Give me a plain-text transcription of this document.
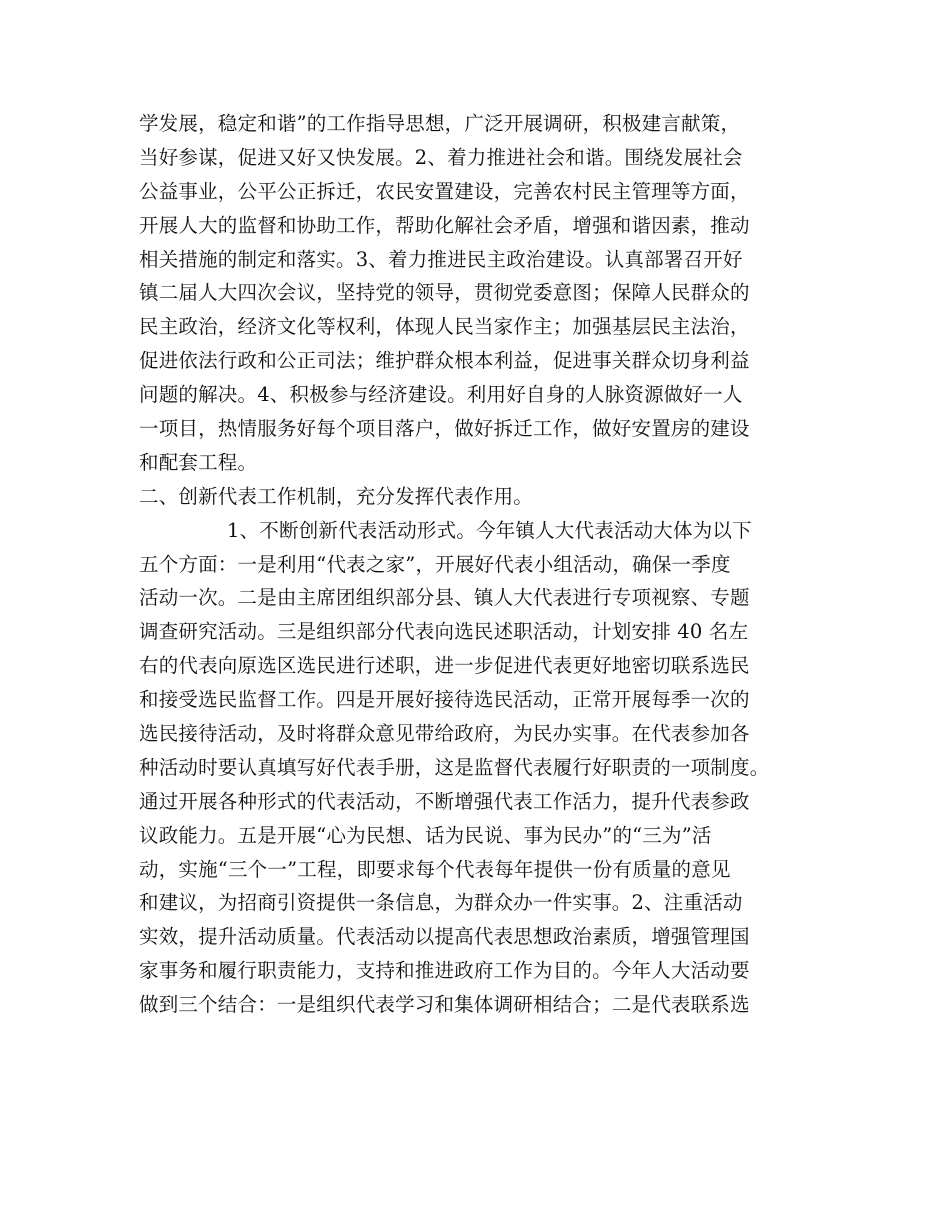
学发展，稳定和谐”的工作指导思想，广泛开展调研，积极建言献策，
当好参谋，促进又好又快发展。2、着力推进社会和谐。围绕发展社会
公益事业，公平公正拆迁，农民安置建设，完善农村民主管理等方面，
开展人大的监督和协助工作，帮助化解社会矛盾，增强和谐因素，推动
相关措施的制定和落实。3、着力推进民主政治建设。认真部署召开好
镇二届人大四次会议，坚持党的领导，贯彻党委意图；保障人民群众的
民主政治，经济文化等权利，体现人民当家作主；加强基层民主法治，
促进依法行政和公正司法；维护群众根本利益，促进事关群众切身利益
问题的解决。4、积极参与经济建设。利用好自身的人脉资源做好一人
一项目，热情服务好每个项目落户，做好拆迁工作，做好安置房的建设
和配套工程。
二、创新代表工作机制，充分发挥代表作用。
1、不断创新代表活动形式。今年镇人大代表活动大体为以下
五个方面：一是利用“代表之家”，开展好代表小组活动，确保一季度
活动一次。二是由主席团组织部分县、镇人大代表进行专项视察、专题
调查研究活动。三是组织部分代表向选民述职活动，计划安排 40 名左
右的代表向原选区选民进行述职，进一步促进代表更好地密切联系选民
和接受选民监督工作。四是开展好接待选民活动，正常开展每季一次的
选民接待活动，及时将群众意见带给政府，为民办实事。在代表参加各
种活动时要认真填写好代表手册，这是监督代表履行好职责的一项制度。
通过开展各种形式的代表活动，不断增强代表工作活力，提升代表参政
议政能力。五是开展“心为民想、话为民说、事为民办”的“三为”活
动，实施“三个一”工程，即要求每个代表每年提供一份有质量的意见
和建议，为招商引资提供一条信息，为群众办一件实事。2、注重活动
实效，提升活动质量。代表活动以提高代表思想政治素质，增强管理国
家事务和履行职责能力，支持和推进政府工作为目的。今年人大活动要
做到三个结合：一是组织代表学习和集体调研相结合；二是代表联系选
